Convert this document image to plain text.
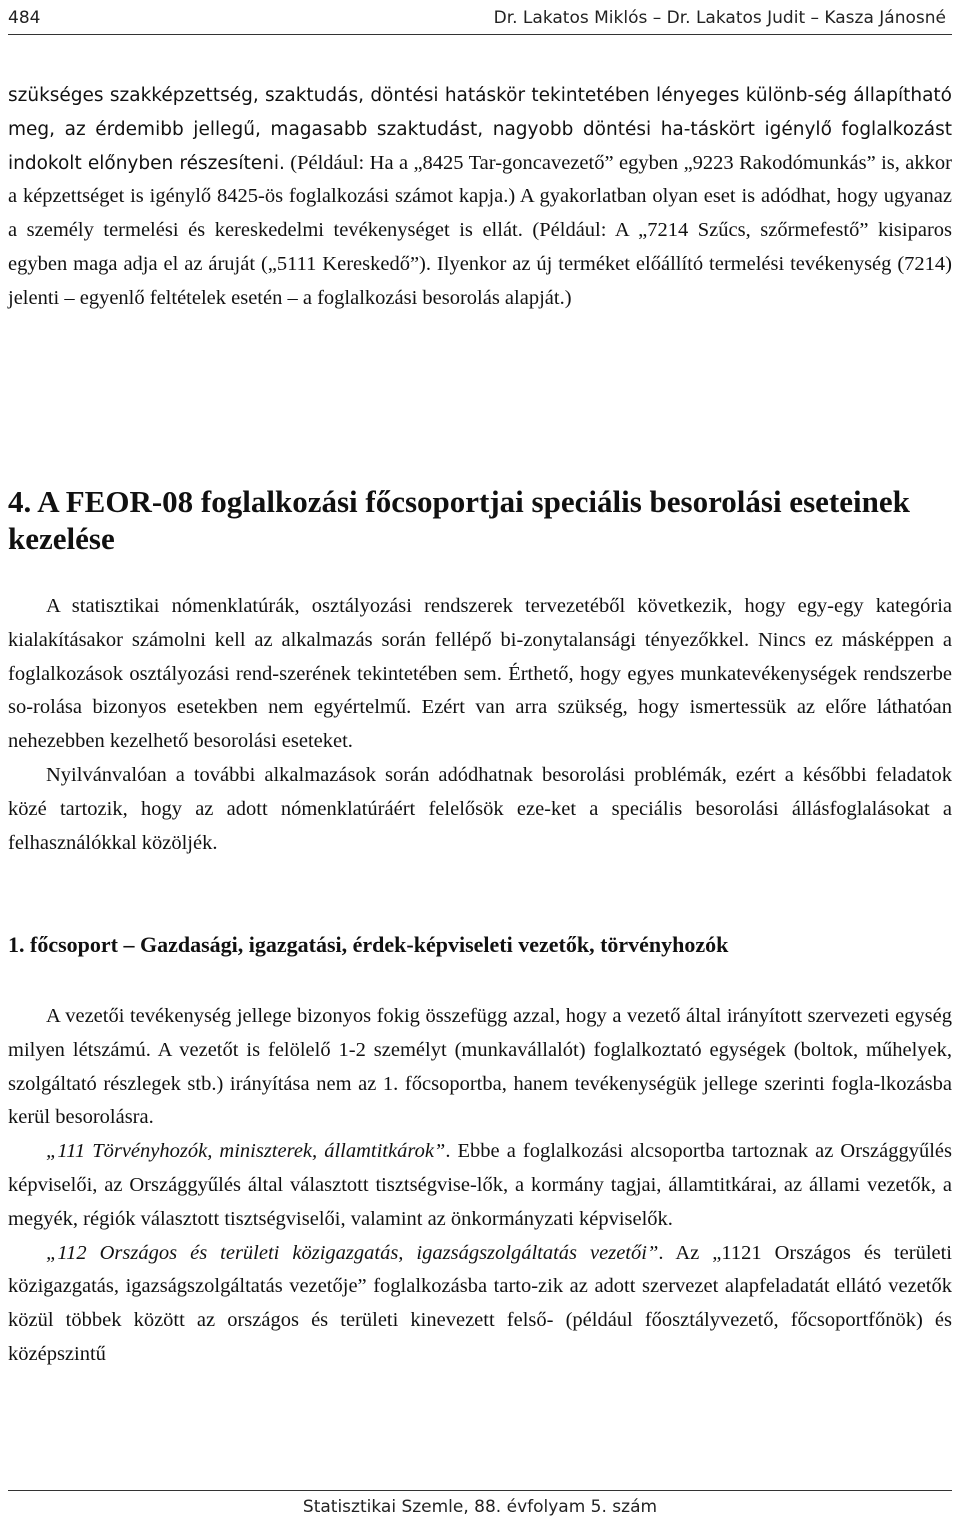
484	Dr. Lakatos Miklós – Dr. Lakatos Judit – Kasza Jánosné

szükséges szakképzettség, szaktudás, döntési hatáskör tekintetében lényeges különb-ség állapítható meg, az érdemibb jellegű, magasabb szaktudást, nagyobb döntési ha-táskört igénylő foglalkozást indokolt előnyben részesíteni. (Például: Ha a „8425 Tar-goncavezető” egyben „9223 Rakodómunkás” is, akkor a képzettséget is igénylő 8425-ös foglalkozási számot kapja.) A gyakorlatban olyan eset is adódhat, hogy ugyanaz a személy termelési és kereskedelmi tevékenységet is ellát. (Például: A „7214 Szűcs, szőrmefestő” kisiparos egyben maga adja el az áruját („5111 Kereskedő”). Ilyenkor az új terméket előállító termelési tevékenység (7214) jelenti – egyenlő feltételek esetén – a foglalkozási besorolás alapját.)

4. A FEOR-08 foglalkozási főcsoportjai speciális besorolási eseteinek kezelése

A statisztikai nómenklatúrák, osztályozási rendszerek tervezetéből következik, hogy egy-egy kategória kialakításakor számolni kell az alkalmazás során fellépő bi-zonytalansági tényezőkkel. Nincs ez másképpen a foglalkozások osztályozási rend-szerének tekintetében sem. Érthető, hogy egyes munkatevékenységek rendszerbe so-rolása bizonyos esetekben nem egyértelmű. Ezért van arra szükség, hogy ismertessük az előre láthatóan nehezebben kezelhető besorolási eseteket.

Nyilvánvalóan a további alkalmazások során adódhatnak besorolási problémák, ezért a későbbi feladatok közé tartozik, hogy az adott nómenklatúráért felelősök eze-ket a speciális besorolási állásfoglalásokat a felhasználókkal közöljék.

1. főcsoport – Gazdasági, igazgatási, érdek-képviseleti vezetők, törvényhozók

A vezetői tevékenység jellege bizonyos fokig összefügg azzal, hogy a vezető által irányított szervezeti egység milyen létszámú. A vezetőt is felölelő 1-2 személyt (munkavállalót) foglalkoztató egységek (boltok, műhelyek, szolgáltató részlegek stb.) irányítása nem az 1. főcsoportba, hanem tevékenységük jellege szerinti fogla-lkozásba kerül besorolásra.

„111 Törvényhozók, miniszterek, államtitkárok”. Ebbe a foglalkozási alcsoportba tartoznak az Országgyűlés képviselői, az Országgyűlés által választott tisztségvise-lők, a kormány tagjai, államtitkárai, az állami vezetők, a megyék, régiók választott tisztségviselői, valamint az önkormányzati képviselők.

„112 Országos és területi közigazgatás, igazságszolgáltatás vezetői”. Az „1121 Országos és területi közigazgatás, igazságszolgáltatás vezetője” foglalkozásba tarto-zik az adott szervezet alapfeladatát ellátó vezetők közül többek között az országos és területi kinevezett felső- (például főosztályvezető, főcsoportfőnök) és középszintű

Statisztikai Szemle, 88. évfolyam 5. szám
